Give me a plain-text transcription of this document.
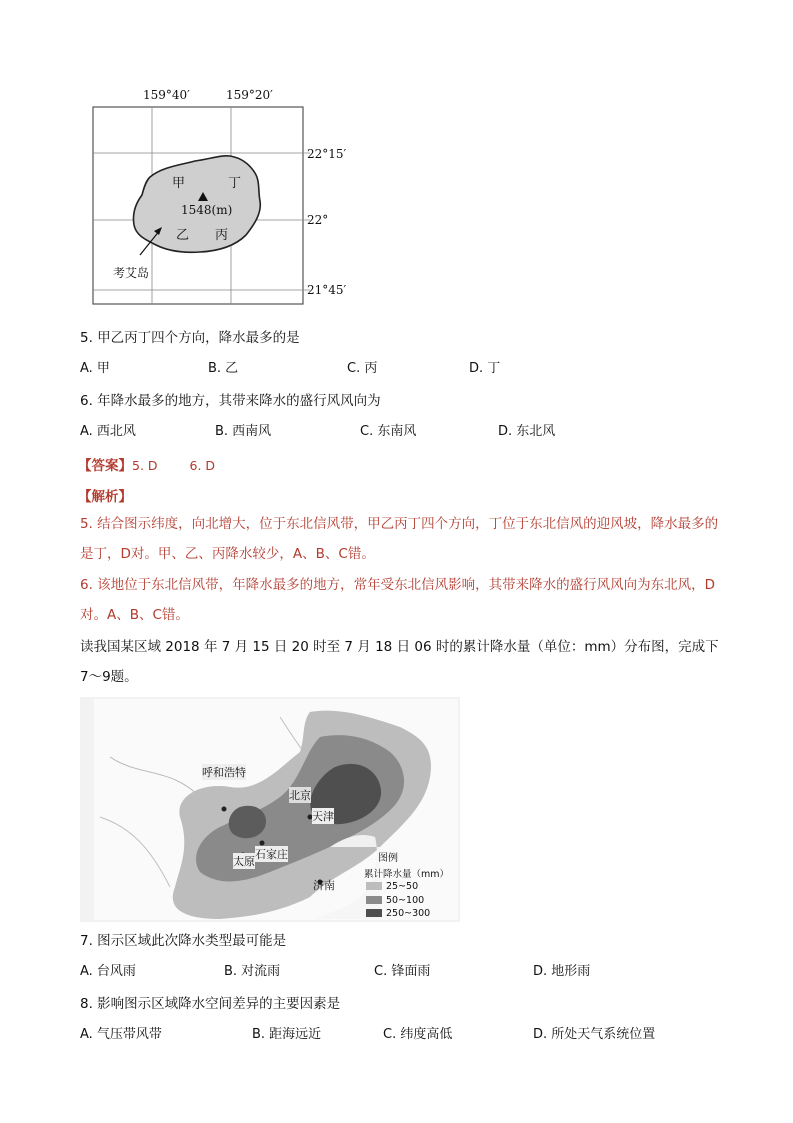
159°40′	159°20′
22°15′
22°
21°45′
甲	丁
1548(m)
乙 丙
考艾岛
5. 甲乙丙丁四个方向，降水最多的是
A. 甲	B. 乙	C. 丙	D. 丁
6. 年降水最多的地方，其带来降水的盛行风风向为
A. 西北风	B. 西南风	C. 东南风	D. 东北风
【答案】5. D	6. D
【解析】
5. 结合图示纬度，向北增大，位于东北信风带，甲乙丙丁四个方向，丁位于东北信风的迎风坡，降水最多的是丁，D对。甲、乙、丙降水较少，A、B、C错。
6. 该地位于东北信风带，年降水最多的地方，常年受东北信风影响，其带来降水的盛行风风向为东北风，D对。A、B、C错。
读我国某区域 2018 年 7 月 15 日 20 时至 7 月 18 日 06 时的累计降水量（单位：mm）分布图，完成下 7～9题。
呼和浩特
北京
天津
太原
石家庄
济南
图例
累计降水量（mm）
25~50
50~100
250~300
7. 图示区域此次降水类型最可能是
A. 台风雨	B. 对流雨	C. 锋面雨	D. 地形雨
8. 影响图示区域降水空间差异的主要因素是
A. 气压带风带	B. 距海远近	C. 纬度高低	D. 所处天气系统位置
